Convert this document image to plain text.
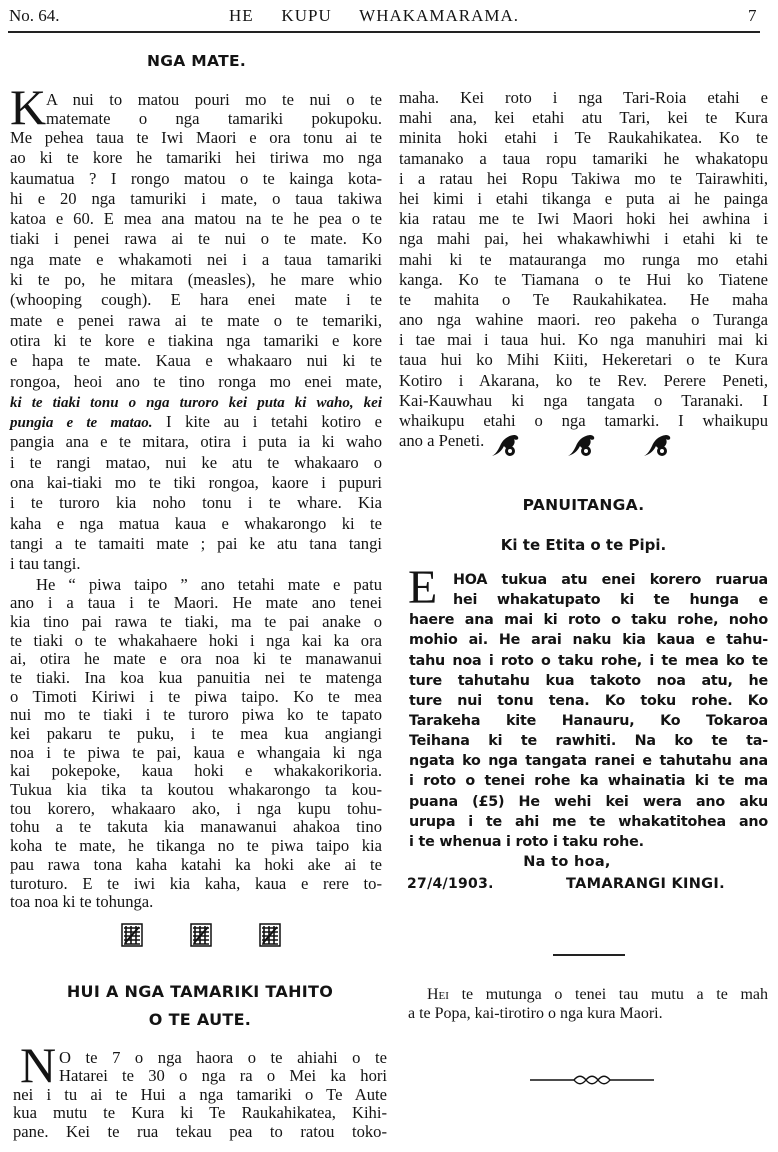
No. 64.	HE KUPU WHAKAMARAMA.	7
NGA MATE.
K A nui to matou pouri mo te nui o te
matemate o nga tamariki pokupoku.
Me pehea taua te Iwi Maori e ora tonu ai te
ao ki te kore he tamariki hei tiriwa mo nga
kaumatua ? I rongo matou o te kainga kota-
hi e 20 nga tamuriki i mate, o taua takiwa
katoa e 60. E mea ana matou na te he pea o te
tiaki i penei rawa ai te nui o te mate. Ko
nga mate e whakamoti nei i a taua tamariki
ki te po, he mitara (measles), he mare whio
(whooping cough). E hara enei mate i te
mate e penei rawa ai te mate o te temariki,
otira ki te kore e tiakina nga tamariki e kore
e hapa te mate. Kaua e whakaaro nui ki te
rongoa, heoi ano te tino ronga mo enei mate,
ki te tiaki tonu o nga turoro kei puta ki waho, kei
pungia e te matao. I kite au i tetahi kotiro e
pangia ana e te mitara, otira i puta ia ki waho
i te rangi matao, nui ke atu te whakaaro o
ona kai-tiaki mo te tiki rongoa, kaore i pupuri
i te turoro kia noho tonu i te whare. Kia
kaha e nga matua kaua e whakarongo ki te
tangi a te tamaiti mate ; pai ke atu tana tangi
i tau tangi.
He “ piwa taipo ” ano tetahi mate e patu
ano i a taua i te Maori. He mate ano tenei
kia tino pai rawa te tiaki, ma te pai anake o
te tiaki o te whakahaere hoki i nga kai ka ora
ai, otira he mate e ora noa ki te manawanui
te tiaki. Ina koa kua panuitia nei te matenga
o Timoti Kiriwi i te piwa taipo. Ko te mea
nui mo te tiaki i te turoro piwa ko te tapato
kei pakaru te puku, i te mea kua angiangi
noa i te piwa te pai, kaua e whangaia ki nga
kai pokepoke, kaua hoki e whakakorikoria.
Tukua kia tika ta koutou whakarongo ta kou-
tou korero, whakaaro ako, i nga kupu tohu-
tohu a te takuta kia manawanui ahakoa tino
koha te mate, he tikanga no te piwa taipo kia
pau rawa tona kaha katahi ka hoki ake ai te
turoturo. E te iwi kia kaha, kaua e rere to-
toa noa ki te tohunga.
HUI A NGA TAMARIKI TAHITO
O TE AUTE.
N O te 7 o nga haora o te ahiahi o te
Hatarei te 30 o nga ra o Mei ka hori
nei i tu ai te Hui a nga tamariki o Te Aute
kua mutu te Kura ki Te Raukahikatea, Kihi-
pane. Kei te rua tekau pea to ratou toko-
maha. Kei roto i nga Tari-Roia etahi e
mahi ana, kei etahi atu Tari, kei te Kura
minita hoki etahi i Te Raukahikatea. Ko te
tamanako a taua ropu tamariki he whakatopu
i a ratau hei Ropu Takiwa mo te Tairawhiti,
hei kimi i etahi tikanga e puta ai he painga
kia ratau me te Iwi Maori hoki hei awhina i
nga mahi pai, hei whakawhiwhi i etahi ki te
mahi ki te matauranga mo runga mo etahi
kanga. Ko te Tiamana o te Hui ko Tiatene
te mahita o Te Raukahikatea. He maha
ano nga wahine maori. reo pakeha o Turanga
i tae mai i taua hui. Ko nga manuhiri mai ki
taua hui ko Mihi Kiiti, Hekeretari o te Kura
Kotiro i Akarana, ko te Rev. Perere Peneti,
Kai-Kauwhau ki nga tangata o Taranaki. I
whaikupu etahi o nga tamarki. I whaikupu
ano a Peneti.
PANUITANGA.
Ki te Etita o te Pipi.
E	HOA tukua atu enei korero ruarua
hei whakatupato ki te hunga e
haere ana mai ki roto o taku rohe, noho
mohio ai. He arai naku kia kaua e tahu-
tahu noa i roto o taku rohe, i te mea ko te
ture tahutahu kua takoto noa atu, he
ture nui tonu tena. Ko toku rohe. Ko
Tarakeha kite Hanauru, Ko Tokaroa
Teihana ki te rawhiti. Na ko te ta-
ngata ko nga tangata ranei e tahutahu ana
i roto o tenei rohe ka whainatia ki te ma
puana (£5) He wehi kei wera ano aku
urupa i te ahi me te whakatitohea ano
i te whenua i roto i taku rohe.
Na to hoa,
27/4/1903.	TAMARANGI KINGI.
Hei te mutunga o tenei tau mutu a te mah
a te Popa, kai-tirotiro o nga kura Maori.
